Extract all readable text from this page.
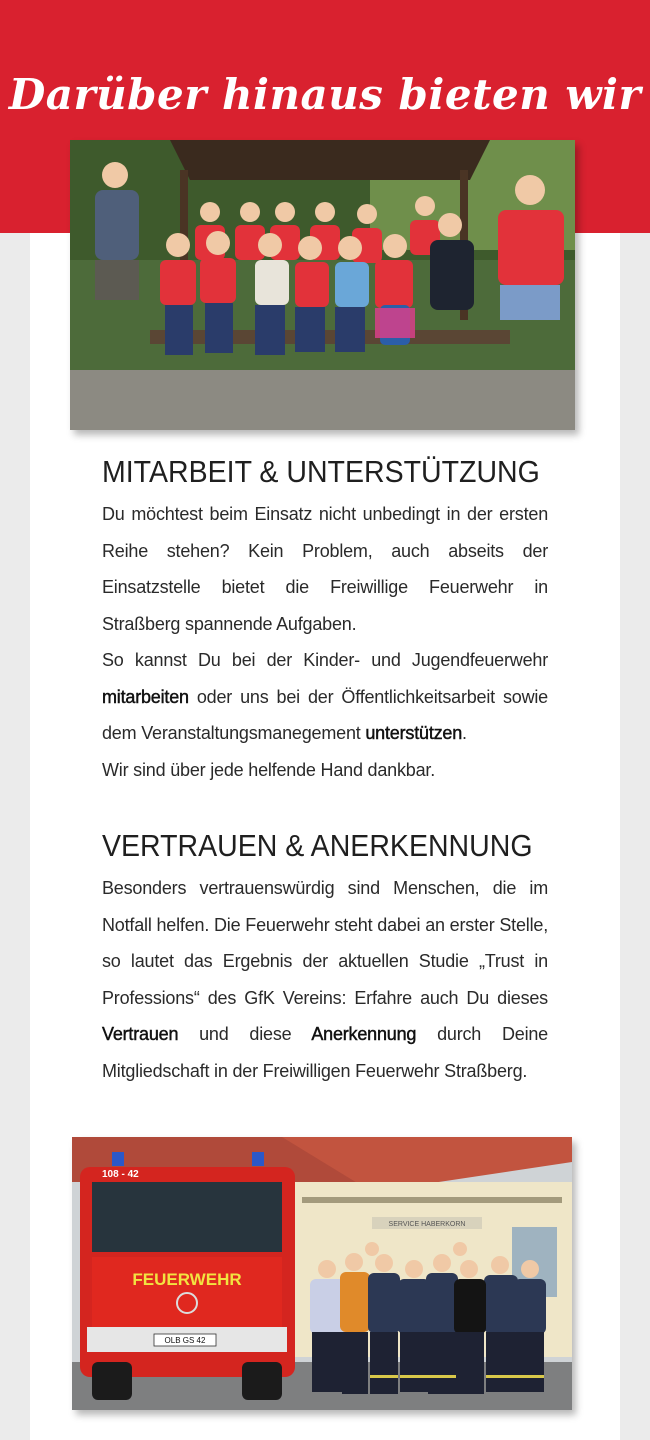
Darüber hinaus bieten wir
MITARBEIT & UNTERSTÜTZUNG
Du möchtest beim Einsatz nicht unbedingt in der ersten Reihe stehen? Kein Problem, auch abseits der Einsatzstelle bietet die Freiwillige Feuerwehr in Straßberg spannende Aufgaben.
So kannst Du bei der Kinder- und Jugendfeuerwehr mitarbeiten oder uns bei der Öffentlichkeitsarbeit sowie dem Veranstaltungsmanegement unterstützen.
Wir sind über jede helfende Hand dankbar.
VERTRAUEN & ANERKENNUNG
Besonders vertrauenswürdig sind Menschen, die im Notfall helfen. Die Feuerwehr steht dabei an erster Stelle, so lautet das Ergebnis der aktuellen Studie „Trust in Professions“ des GfK Vereins: Erfahre auch Du dieses Vertrauen und diese Anerkennung durch Deine Mitgliedschaft in der Freiwilligen Feuerwehr Straßberg.
SERVICE HABERKORN
108 - 42
FEUERWEHR
OLB GS 42
